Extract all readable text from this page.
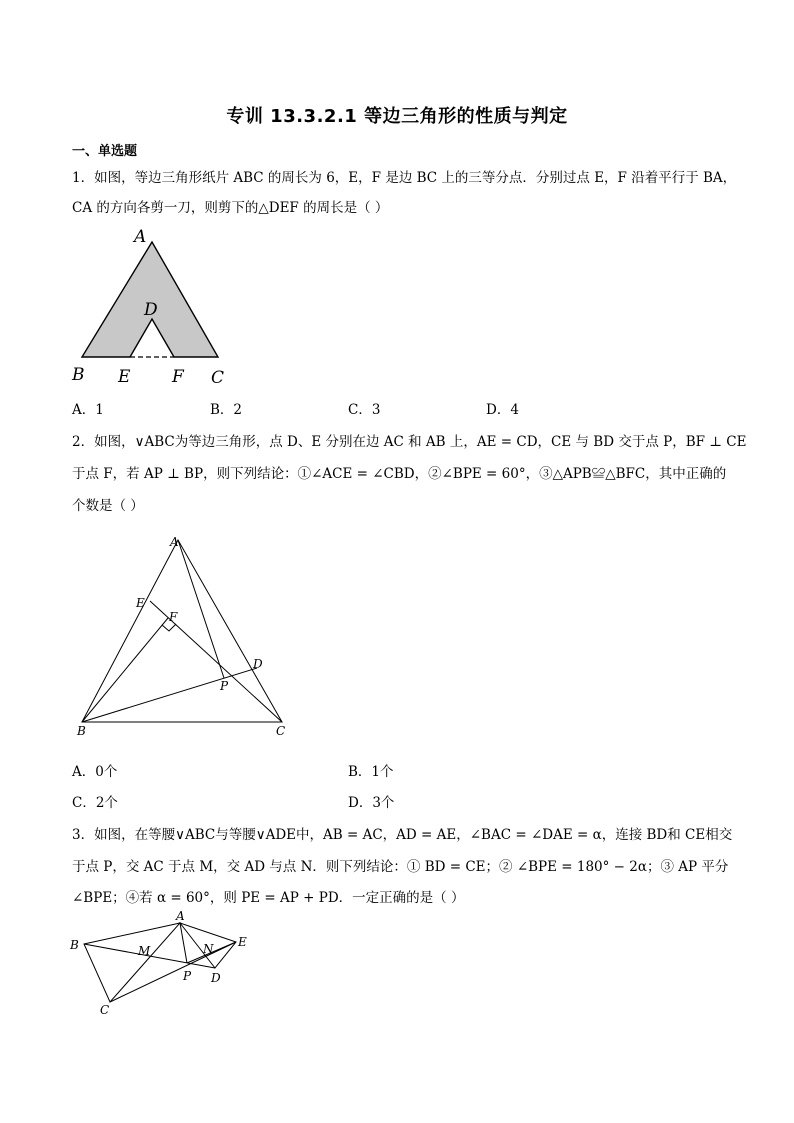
专训 13.3.2.1 等边三角形的性质与判定
一、单选题
1．如图，等边三角形纸片 ABC 的周长为 6，E，F 是边 BC 上的三等分点．分别过点 E，F 沿着平行于 BA，
CA 的方向各剪一刀，则剪下的△DEF 的周长是（ ）
A
D
B E F C
A．1	B．2	C．3	D．4
2．如图，∨ABC为等边三角形，点 D、E 分别在边 AC 和 AB 上，AE = CD，CE 与 BD 交于点 P，BF ⊥ CE
于点 F，若 AP ⊥ BP，则下列结论：①∠ACE = ∠CBD，②∠BPE = 60°，③△APB≌△BFC，其中正确的
个数是（ ）
A
E
F
D
P
B	C
A．0个	B．1个
C．2个	D．3个
3．如图，在等腰∨ABC与等腰∨ADE中，AB = AC，AD = AE，∠BAC = ∠DAE = α，连接 BD和 CE相交
于点 P，交 AC 于点 M，交 AD 与点 N．则下列结论：① BD = CE；② ∠BPE = 180° − 2α；③ AP 平分
∠BPE；④若 α = 60°，则 PE = AP + PD．一定正确的是（ ）
A
B	M	N E
P D
C
